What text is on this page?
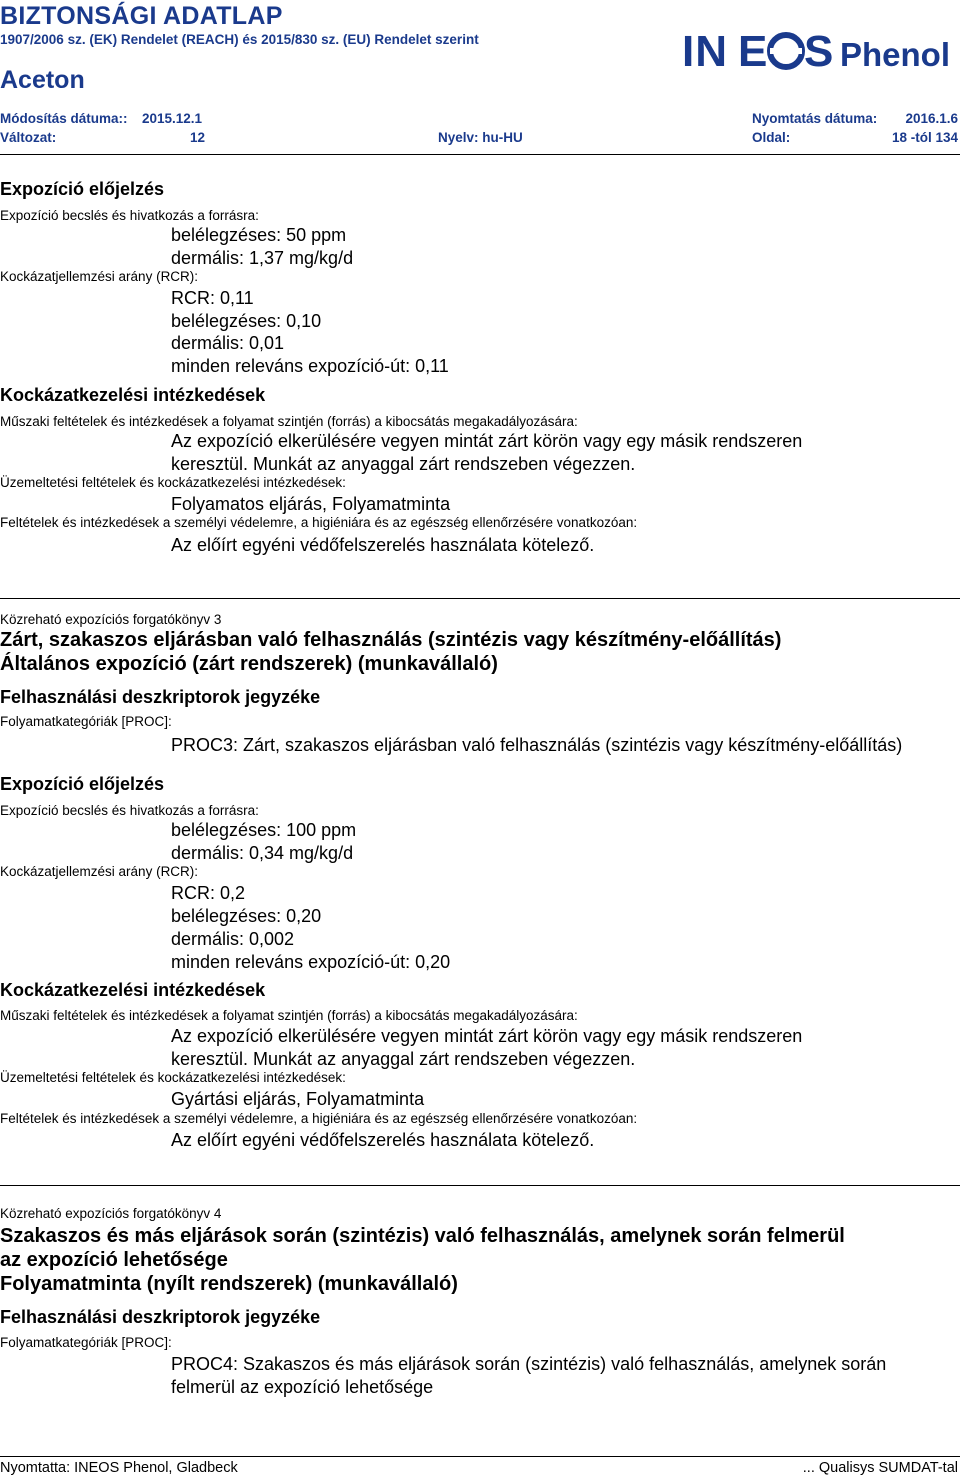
BIZTONSÁGI ADATLAP
1907/2006 sz. (EK) Rendelet (REACH) és 2015/830 sz. (EU) Rendelet szerint
Aceton
IN E S Phenol
Módosítás dátuma:: 2015.12.1	Nyomtatás dátuma: 2016.1.6
Változat:	12	Nyelv: hu-HU	Oldal:	18 -tól 134
Expozíció előjelzés
Expozíció becslés és hivatkozás a forrásra:
belélegzéses: 50 ppm
dermális: 1,37 mg/kg/d
Kockázatjellemzési arány (RCR):
RCR: 0,11
belélegzéses: 0,10
dermális: 0,01
minden releváns expozíció-út: 0,11
Kockázatkezelési intézkedések
Műszaki feltételek és intézkedések a folyamat szintjén (forrás) a kibocsátás megakadályozására:
Az expozíció elkerülésére vegyen mintát zárt körön vagy egy másik rendszeren
keresztül. Munkát az anyaggal zárt rendszeben végezzen.
Üzemeltetési feltételek és kockázatkezelési intézkedések:
Folyamatos eljárás, Folyamatminta
Feltételek és intézkedések a személyi védelemre, a higiéniára és az egészség ellenőrzésére vonatkozóan:
Az előírt egyéni védőfelszerelés használata kötelező.
Közreható expozíciós forgatókönyv 3
Zárt, szakaszos eljárásban való felhasználás (szintézis vagy készítmény-előállítás)
Általános expozíció (zárt rendszerek) (munkavállaló)
Felhasználási deszkriptorok jegyzéke
Folyamatkategóriák [PROC]:
PROC3: Zárt, szakaszos eljárásban való felhasználás (szintézis vagy készítmény-előállítás)
Expozíció előjelzés
Expozíció becslés és hivatkozás a forrásra:
belélegzéses: 100 ppm
dermális: 0,34 mg/kg/d
Kockázatjellemzési arány (RCR):
RCR: 0,2
belélegzéses: 0,20
dermális: 0,002
minden releváns expozíció-út: 0,20
Kockázatkezelési intézkedések
Műszaki feltételek és intézkedések a folyamat szintjén (forrás) a kibocsátás megakadályozására:
Az expozíció elkerülésére vegyen mintát zárt körön vagy egy másik rendszeren
keresztül. Munkát az anyaggal zárt rendszeben végezzen.
Üzemeltetési feltételek és kockázatkezelési intézkedések:
Gyártási eljárás, Folyamatminta
Feltételek és intézkedések a személyi védelemre, a higiéniára és az egészség ellenőrzésére vonatkozóan:
Az előírt egyéni védőfelszerelés használata kötelező.
Közreható expozíciós forgatókönyv 4
Szakaszos és más eljárások során (szintézis) való felhasználás, amelynek során felmerül
az expozíció lehetősége
Folyamatminta (nyílt rendszerek) (munkavállaló)
Felhasználási deszkriptorok jegyzéke
Folyamatkategóriák [PROC]:
PROC4: Szakaszos és más eljárások során (szintézis) való felhasználás, amelynek során
felmerül az expozíció lehetősége
Nyomtatta: INEOS Phenol, Gladbeck	... Qualisys SUMDAT-tal
